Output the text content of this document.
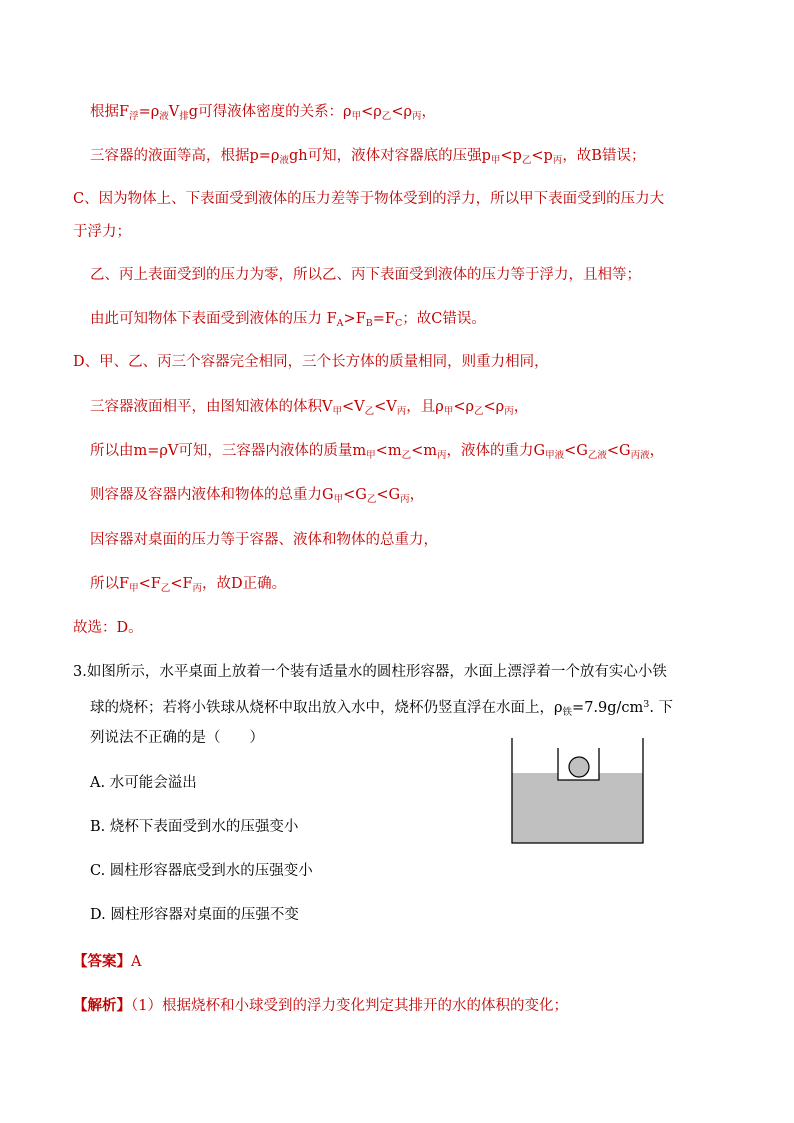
根据$F_浮=\rho_液V_排g$可得液体密度的关系：$\rho_甲<\rho_乙<\rho_丙$，
三容器的液面等高，根据$p=\rho_液gh$可知，液体对容器底的压强$p_甲<p_乙<p_丙$，故B错误；
C、因为物体上、下表面受到液体的压力差等于物体受到的浮力，所以甲下表面受到的压力大
于浮力；
乙、丙上表面受到的压力为零，所以乙、丙下表面受到液体的压力等于浮力，且相等；
由此可知物体下表面受到液体的压力 $F_A>F_B=F_C$；故C错误。
D、甲、乙、丙三个容器完全相同，三个长方体的质量相同，则重力相同，
三容器液面相平，由图知液体的体积$V_甲<V_乙<V_丙$，且$\rho_甲<\rho_乙<\rho_丙$，
所以由m=ρV可知，三容器内液体的质量$m_甲<m_乙<m_丙$，液体的重力$G_{甲液}<G_{乙液}<G_{丙液}$，
则容器及容器内液体和物体的总重力$G_甲<G_乙<G_丙$，
因容器对桌面的压力等于容器、液体和物体的总重力，
所以$F_甲<F_乙<F_丙$，故D正确。
故选：D。
3.如图所示，水平桌面上放着一个装有适量水的圆柱形容器，水面上漂浮着一个放有实心小铁
球的烧杯；若将小铁球从烧杯中取出放入水中，烧杯仍竖直浮在水面上，$\rho_铁=7.9g/cm^3$. 下
列说法不正确的是（　　）
A. 水可能会溢出
B. 烧杯下表面受到水的压强变小
C. 圆柱形容器底受到水的压强变小
D. 圆柱形容器对桌面的压强不变
【答案】A
【解析】（1）根据烧杯和小球受到的浮力变化判定其排开的水的体积的变化；
